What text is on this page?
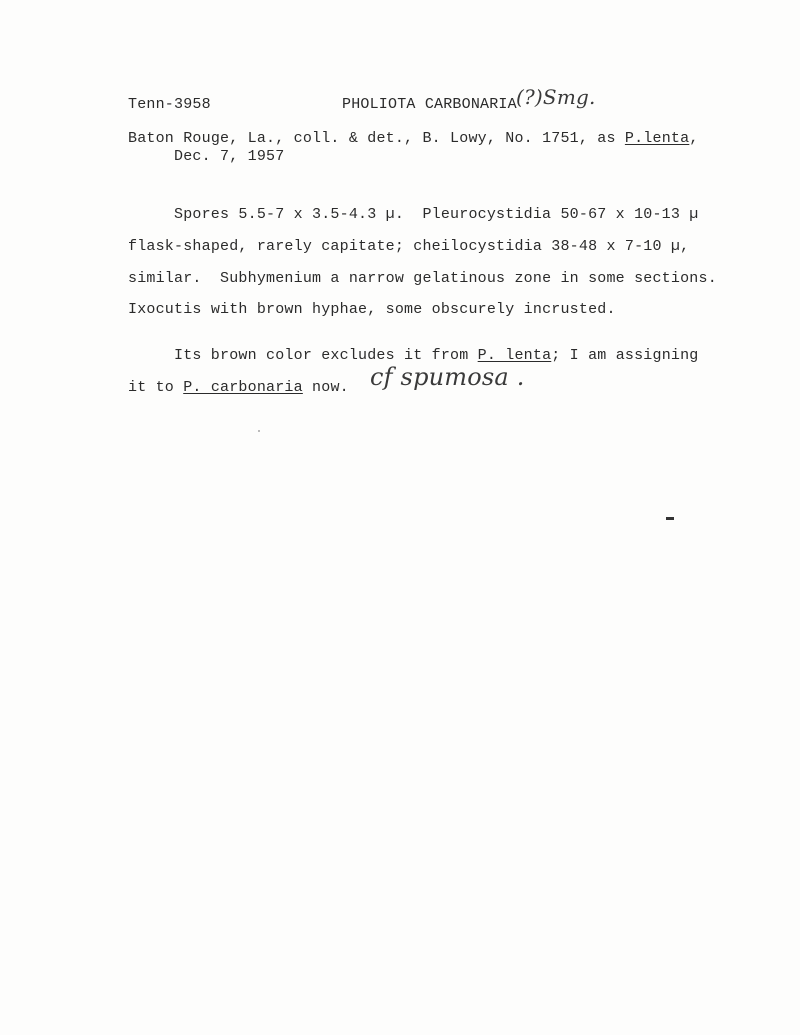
Tenn-3958	PHOLIOTA CARBONARIA (?)Smg.
Baton Rouge, La., coll. & det., B. Lowy, No. 1751, as P.lenta,
Dec. 7, 1957
Spores 5.5-7 x 3.5-4.3 µ.  Pleurocystidia 50-67 x 10-13 µ
flask-shaped, rarely capitate; cheilocystidia 38-48 x 7-10 µ,
similar.  Subhymenium a narrow gelatinous zone in some sections.
Ixocutis with brown hyphae, some obscurely incrusted.
Its brown color excludes it from P. lenta; I am assigning
it to P. carbonaria now. cf spumosa .
